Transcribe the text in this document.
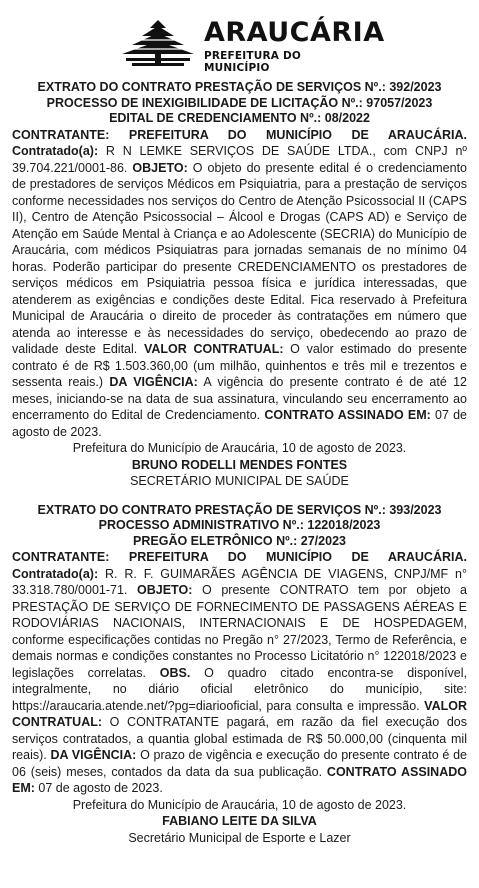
ARAUCÁRIA
PREFEITURA DO MUNICÍPIO
EXTRATO DO CONTRATO PRESTAÇÃO DE SERVIÇOS Nº.: 392/2023
PROCESSO DE INEXIGIBILIDADE DE LICITAÇÃO Nº.: 97057/2023
EDITAL DE CREDENCIAMENTO Nº.: 08/2022
CONTRATANTE: PREFEITURA DO MUNICÍPIO DE ARAUCÁRIA.
Contratado(a): R N LEMKE SERVIÇOS DE SAÚDE LTDA., com CNPJ nº 39.704.221/0001-86. OBJETO: O objeto do presente edital é o credenciamento de prestadores de serviços Médicos em Psiquiatria, para a prestação de serviços conforme necessidades nos serviços do Centro de Atenção Psicossocial II (CAPS II), Centro de Atenção Psicossocial – Álcool e Drogas (CAPS AD) e Serviço de Atenção em Saúde Mental à Criança e ao Adolescente (SECRIA) do Município de Araucária, com médicos Psiquiatras para jornadas semanais de no mínimo 04 horas. Poderão participar do presente CREDENCIAMENTO os prestadores de serviços médicos em Psiquiatria pessoa física e jurídica interessadas, que atenderem as exigências e condições deste Edital. Fica reservado à Prefeitura Municipal de Araucária o direito de proceder às contratações em número que atenda ao interesse e às necessidades do serviço, obedecendo ao prazo de validade deste Edital. VALOR CONTRATUAL: O valor estimado do presente contrato é de R$ 1.503.360,00 (um milhão, quinhentos e três mil e trezentos e sessenta reais.) DA VIGÊNCIA: A vigência do presente contrato é de até 12 meses, iniciando-se na data de sua assinatura, vinculando seu encerramento ao encerramento do Edital de Credenciamento. CONTRATO ASSINADO EM: 07 de agosto de 2023.
Prefeitura do Município de Araucária, 10 de agosto de 2023.
BRUNO RODELLI MENDES FONTES
SECRETÁRIO MUNICIPAL DE SAÚDE
EXTRATO DO CONTRATO PRESTAÇÃO DE SERVIÇOS Nº.: 393/2023
PROCESSO ADMINISTRATIVO Nº.: 122018/2023
PREGÃO ELETRÔNICO Nº.: 27/2023
CONTRATANTE: PREFEITURA DO MUNICÍPIO DE ARAUCÁRIA.
Contratado(a): R. R. F. GUIMARÃES AGÊNCIA DE VIAGENS, CNPJ/MF n° 33.318.780/0001-71. OBJETO: O presente CONTRATO tem por objeto a PRESTAÇÃO DE SERVIÇO DE FORNECIMENTO DE PASSAGENS AÉREAS E RODOVIÁRIAS NACIONAIS, INTERNACIONAIS E DE HOSPEDAGEM, conforme especificações contidas no Pregão n° 27/2023, Termo de Referência, e demais normas e condições constantes no Processo Licitatório n° 122018/2023 e legislações correlatas. OBS. O quadro citado encontra-se disponível, integralmente, no diário oficial eletrônico do município, site: https://araucaria.atende.net/?pg=diariooficial, para consulta e impressão. VALOR CONTRATUAL: O CONTRATANTE pagará, em razão da fiel execução dos serviços contratados, a quantia global estimada de R$ 50.000,00 (cinquenta mil reais). DA VIGÊNCIA: O prazo de vigência e execução do presente contrato é de 06 (seis) meses, contados da data da sua publicação. CONTRATO ASSINADO EM: 07 de agosto de 2023.
Prefeitura do Município de Araucária, 10 de agosto de 2023.
FABIANO LEITE DA SILVA
Secretário Municipal de Esporte e Lazer
